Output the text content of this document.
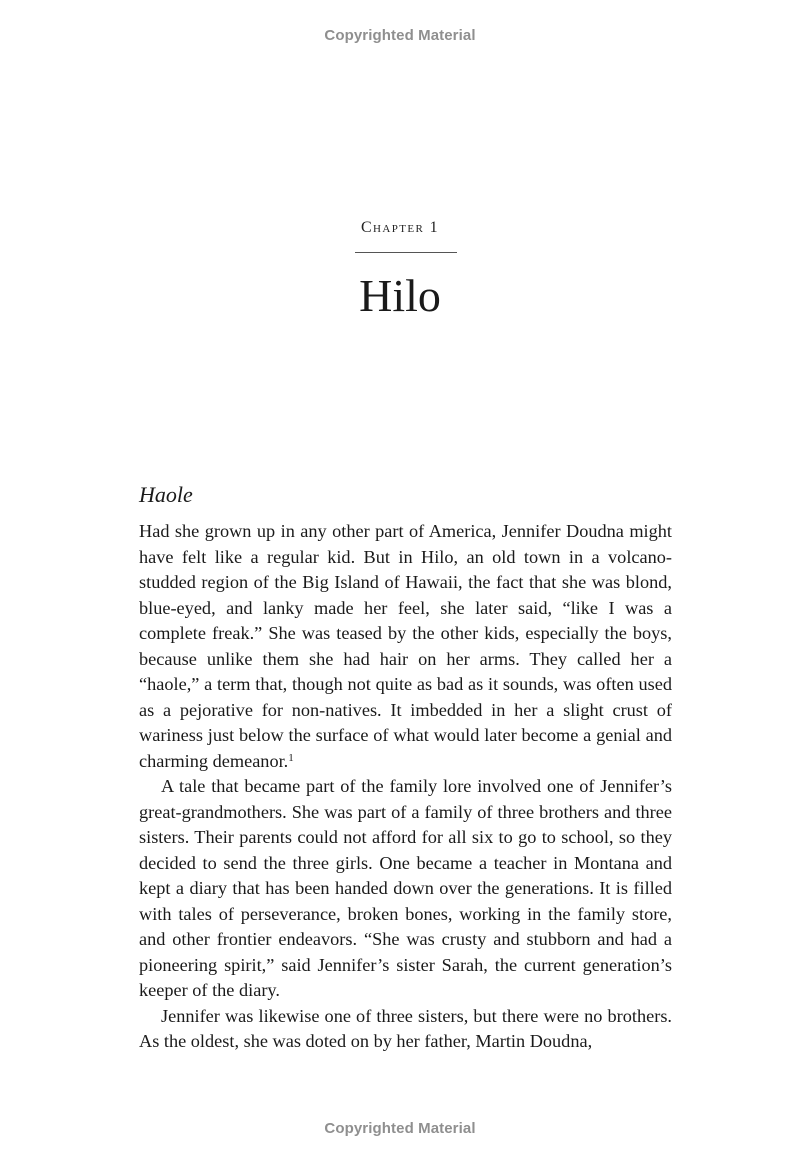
Copyrighted Material
Chapter 1
Hilo
Haole

Had she grown up in any other part of America, Jennifer Doudna might have felt like a regular kid. But in Hilo, an old town in a volcano-studded region of the Big Island of Hawaii, the fact that she was blond, blue-eyed, and lanky made her feel, she later said, “like I was a complete freak.” She was teased by the other kids, especially the boys, because unlike them she had hair on her arms. They called her a “haole,” a term that, though not quite as bad as it sounds, was often used as a pejorative for non-natives. It imbedded in her a slight crust of wariness just below the surface of what would later become a genial and charming demeanor.$^1$

A tale that became part of the family lore involved one of Jennifer’s great-grandmothers. She was part of a family of three brothers and three sisters. Their parents could not afford for all six to go to school, so they decided to send the three girls. One became a teacher in Montana and kept a diary that has been handed down over the generations. It is filled with tales of perseverance, broken bones, working in the family store, and other frontier endeavors. “She was crusty and stubborn and had a pioneering spirit,” said Jennifer’s sister Sarah, the current generation’s keeper of the diary.

Jennifer was likewise one of three sisters, but there were no brothers. As the oldest, she was doted on by her father, Martin Doudna,

Copyrighted Material
